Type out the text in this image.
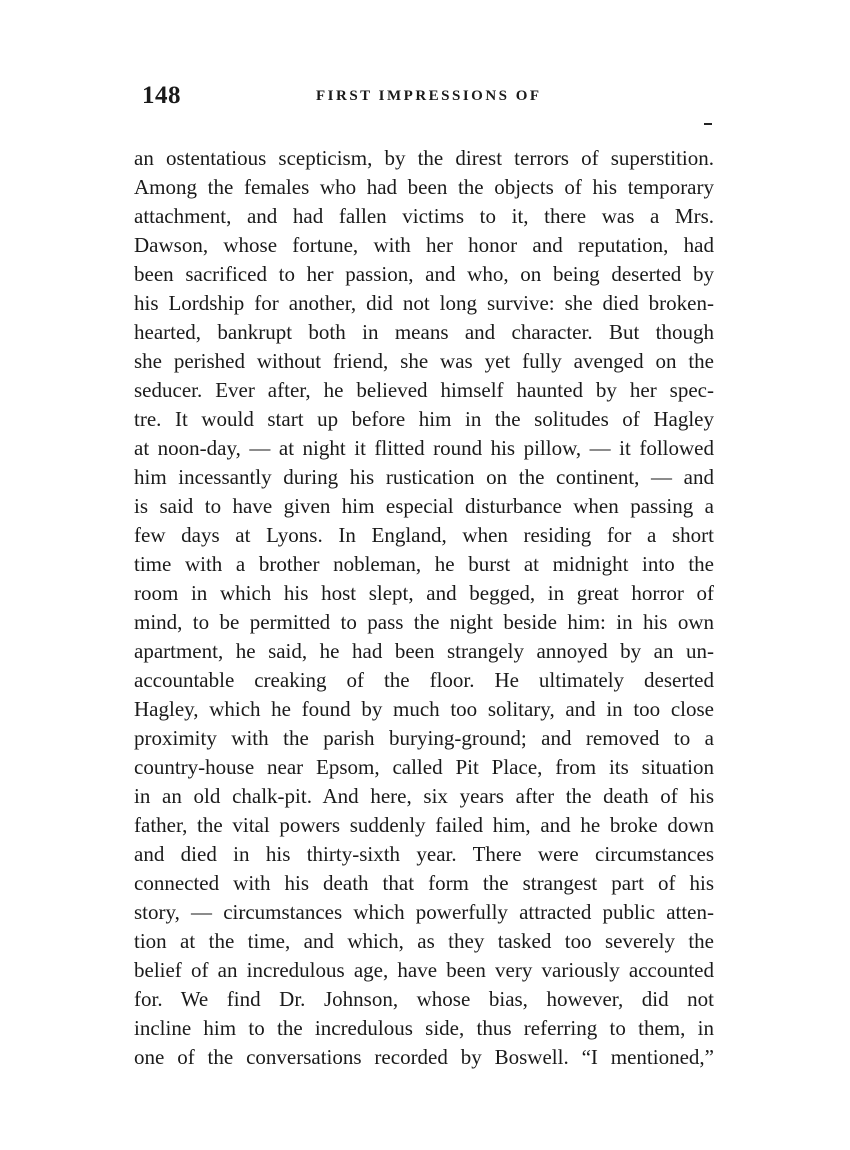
148	FIRST IMPRESSIONS OF
an ostentatious scepticism, by the direst terrors of superstition.
Among the females who had been the objects of his temporary
attachment, and had fallen victims to it, there was a Mrs.
Dawson, whose fortune, with her honor and reputation, had
been sacrificed to her passion, and who, on being deserted by
his Lordship for another, did not long survive: she died broken-
hearted, bankrupt both in means and character. But though
she perished without friend, she was yet fully avenged on the
seducer. Ever after, he believed himself haunted by her spec-
tre. It would start up before him in the solitudes of Hagley
at noon-day, — at night it flitted round his pillow, — it followed
him incessantly during his rustication on the continent, — and
is said to have given him especial disturbance when passing a
few days at Lyons. In England, when residing for a short
time with a brother nobleman, he burst at midnight into the
room in which his host slept, and begged, in great horror of
mind, to be permitted to pass the night beside him: in his own
apartment, he said, he had been strangely annoyed by an un-
accountable creaking of the floor. He ultimately deserted
Hagley, which he found by much too solitary, and in too close
proximity with the parish burying-ground; and removed to a
country-house near Epsom, called Pit Place, from its situation
in an old chalk-pit. And here, six years after the death of his
father, the vital powers suddenly failed him, and he broke down
and died in his thirty-sixth year. There were circumstances
connected with his death that form the strangest part of his
story, — circumstances which powerfully attracted public atten-
tion at the time, and which, as they tasked too severely the
belief of an incredulous age, have been very variously accounted
for. We find Dr. Johnson, whose bias, however, did not
incline him to the incredulous side, thus referring to them, in
one of the conversations recorded by Boswell. “I mentioned,”
